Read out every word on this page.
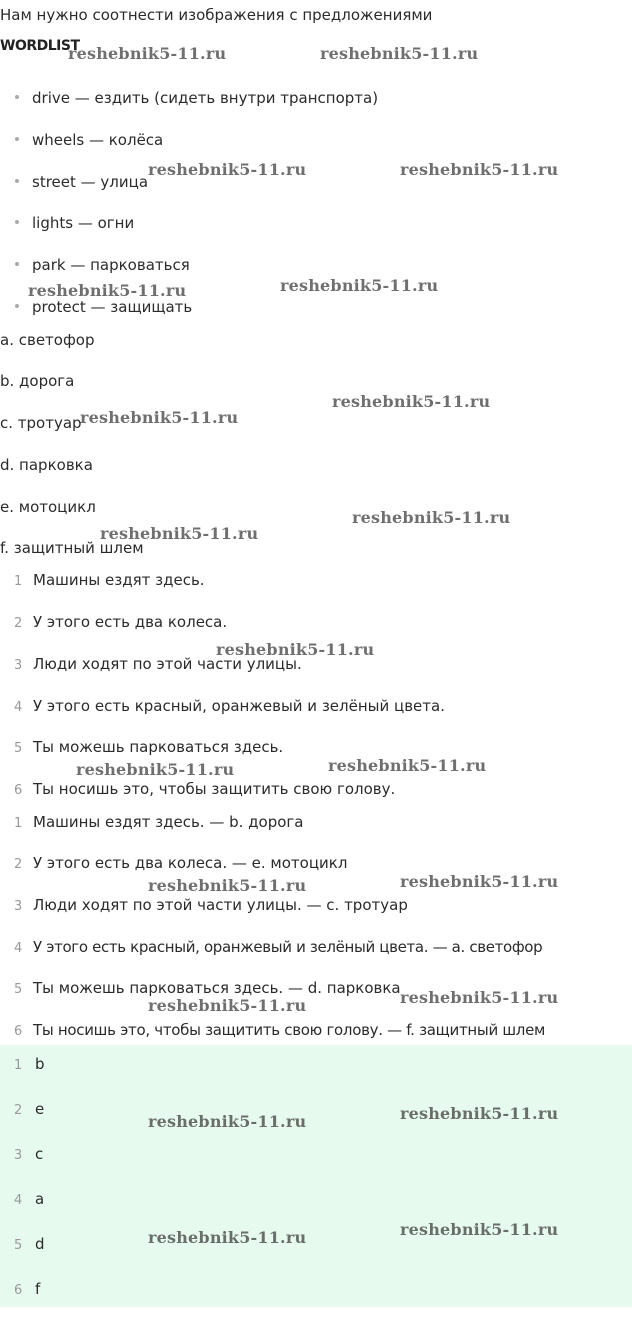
Нам нужно соотнести изображения с предложениями
WORDLIST
drive — ездить (сидеть внутри транспорта)
wheels — колёса
street — улица
lights — огни
park — парковаться
protect — защищать
a. светофор
b. дорога
c. тротуар
d. парковка
e. мотоцикл
f. защитный шлем
1 Машины ездят здесь.
2 У этого есть два колеса.
3 Люди ходят по этой части улицы.
4 У этого есть красный, оранжевый и зелёный цвета.
5 Ты можешь парковаться здесь.
6 Ты носишь это, чтобы защитить свою голову.
1 Машины ездят здесь. — b. дорога
2 У этого есть два колеса. — e. мотоцикл
3 Люди ходят по этой части улицы. — c. тротуар
4 У этого есть красный, оранжевый и зелёный цвета. — a. светофор
5 Ты можешь парковаться здесь. — d. парковка
6 Ты носишь это, чтобы защитить свою голову. — f. защитный шлем
1 b
2 e
3 c
4 a
5 d
6 f
reshebnik5-11.ru	reshebnik5-11.ru
reshebnik5-11.ru	reshebnik5-11.ru
reshebnik5-11.ru	reshebnik5-11.ru
reshebnik5-11.ru
reshebnik5-11.ru
reshebnik5-11.ru
reshebnik5-11.ru
reshebnik5-11.ru
reshebnik5-11.ru	reshebnik5-11.ru
reshebnik5-11.ru	reshebnik5-11.ru
reshebnik5-11.ru	reshebnik5-11.ru
reshebnik5-11.ru	reshebnik5-11.ru
reshebnik5-11.ru	reshebnik5-11.ru
